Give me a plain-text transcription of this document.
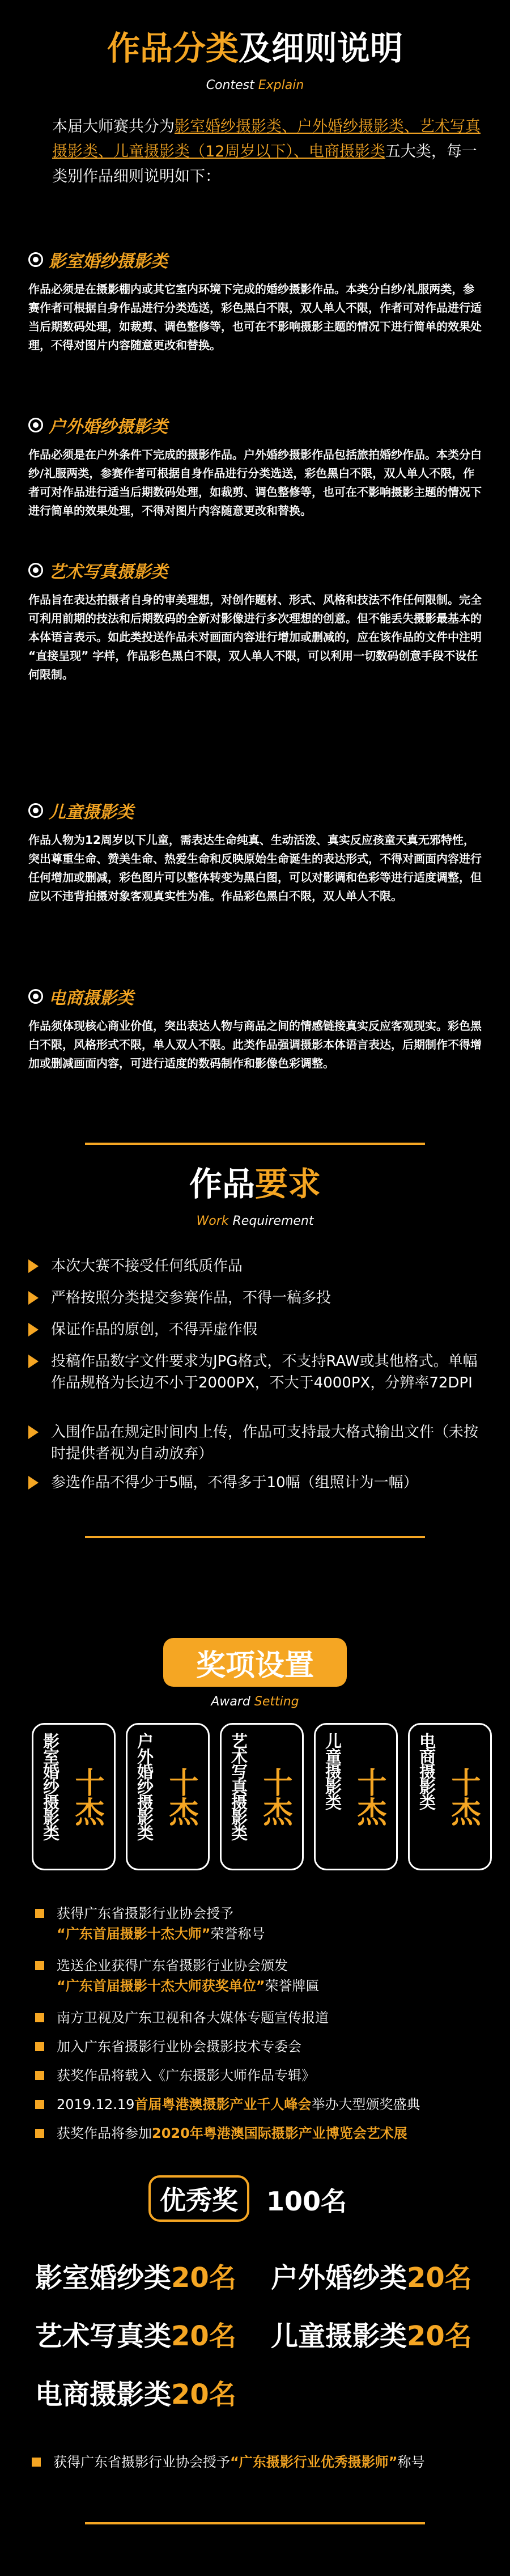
作品分类及细则说明
Contest Explain
本届大师赛共分为影室婚纱摄影类、户外婚纱摄影类、艺术写真摄影类、儿童摄影类（12周岁以下）、电商摄影类五大类，每一类别作品细则说明如下：
影室婚纱摄影类
作品必须是在摄影棚内或其它室内环境下完成的婚纱摄影作品。本类分白纱/礼服两类，参赛作者可根据自身作品进行分类选送，彩色黑白不限，双人单人不限，作者可对作品进行适当后期数码处理，如裁剪、调色整修等，也可在不影响摄影主题的情况下进行简单的效果处理，不得对图片内容随意更改和替换。
户外婚纱摄影类
作品必须是在户外条件下完成的摄影作品。户外婚纱摄影作品包括旅拍婚纱作品。本类分白纱/礼服两类，参赛作者可根据自身作品进行分类选送，彩色黑白不限，双人单人不限，作者可对作品进行适当后期数码处理，如裁剪、调色整修等，也可在不影响摄影主题的情况下进行简单的效果处理，不得对图片内容随意更改和替换。
艺术写真摄影类
作品旨在表达拍摄者自身的审美理想，对创作题材、形式、风格和技法不作任何限制。完全可利用前期的技法和后期数码的全新对影像进行多次理想的创意。但不能丢失摄影最基本的本体语言表示。如此类投送作品未对画面内容进行增加或删减的，应在该作品的文件中注明 “直接呈现” 字样，作品彩色黑白不限，双人单人不限，可以利用一切数码创意手段不设任何限制。
儿童摄影类
作品人物为12周岁以下儿童，需表达生命纯真、生动活泼、真实反应孩童天真无邪特性，突出尊重生命、赞美生命、热爱生命和反映原始生命诞生的表达形式，不得对画面内容进行任何增加或删减，彩色图片可以整体转变为黑白图，可以对影调和色彩等进行适度调整，但应以不违背拍摄对象客观真实性为准。作品彩色黑白不限，双人单人不限。
电商摄影类
作品须体现核心商业价值，突出表达人物与商品之间的情感链接真实反应客观现实。彩色黑白不限，风格形式不限，单人双人不限。此类作品强调摄影本体语言表达，后期制作不得增加或删减画面内容，可进行适度的数码制作和影像色彩调整。
作品要求
Work Requirement
本次大赛不接受任何纸质作品
严格按照分类提交参赛作品，不得一稿多投
保证作品的原创，不得弄虚作假
投稿作品数字文件要求为JPG格式，不支持RAW或其他格式。单幅作品规格为长边不小于2000PX，不大于4000PX，分辨率72DPI
入围作品在规定时间内上传，作品可支持最大格式输出文件（未按时提供者视为自动放弃）
参选作品不得少于5幅，不得多于10幅（组照计为一幅）
奖项设置
Award Setting
影室婚纱摄影类 十杰 户外婚纱摄影类 十杰 艺术写真摄影类 十杰 儿童摄影类 十杰 电商摄影类 十杰
获得广东省摄影行业协会授予
“广东首届摄影十杰大师”荣誉称号
选送企业获得广东省摄影行业协会颁发
“广东首届摄影十杰大师获奖单位”荣誉牌匾
南方卫视及广东卫视和各大媒体专题宣传报道
加入广东省摄影行业协会摄影技术专委会
获奖作品将载入《广东摄影大师作品专辑》
2019.12.19首届粤港澳摄影产业千人峰会举办大型颁奖盛典
获奖作品将参加2020年粤港澳国际摄影产业博览会艺术展
优秀奖	100名
影室婚纱类20名 户外婚纱类20名
艺术写真类20名 儿童摄影类20名
电商摄影类20名
获得广东省摄影行业协会授予“广东摄影行业优秀摄影师”称号
